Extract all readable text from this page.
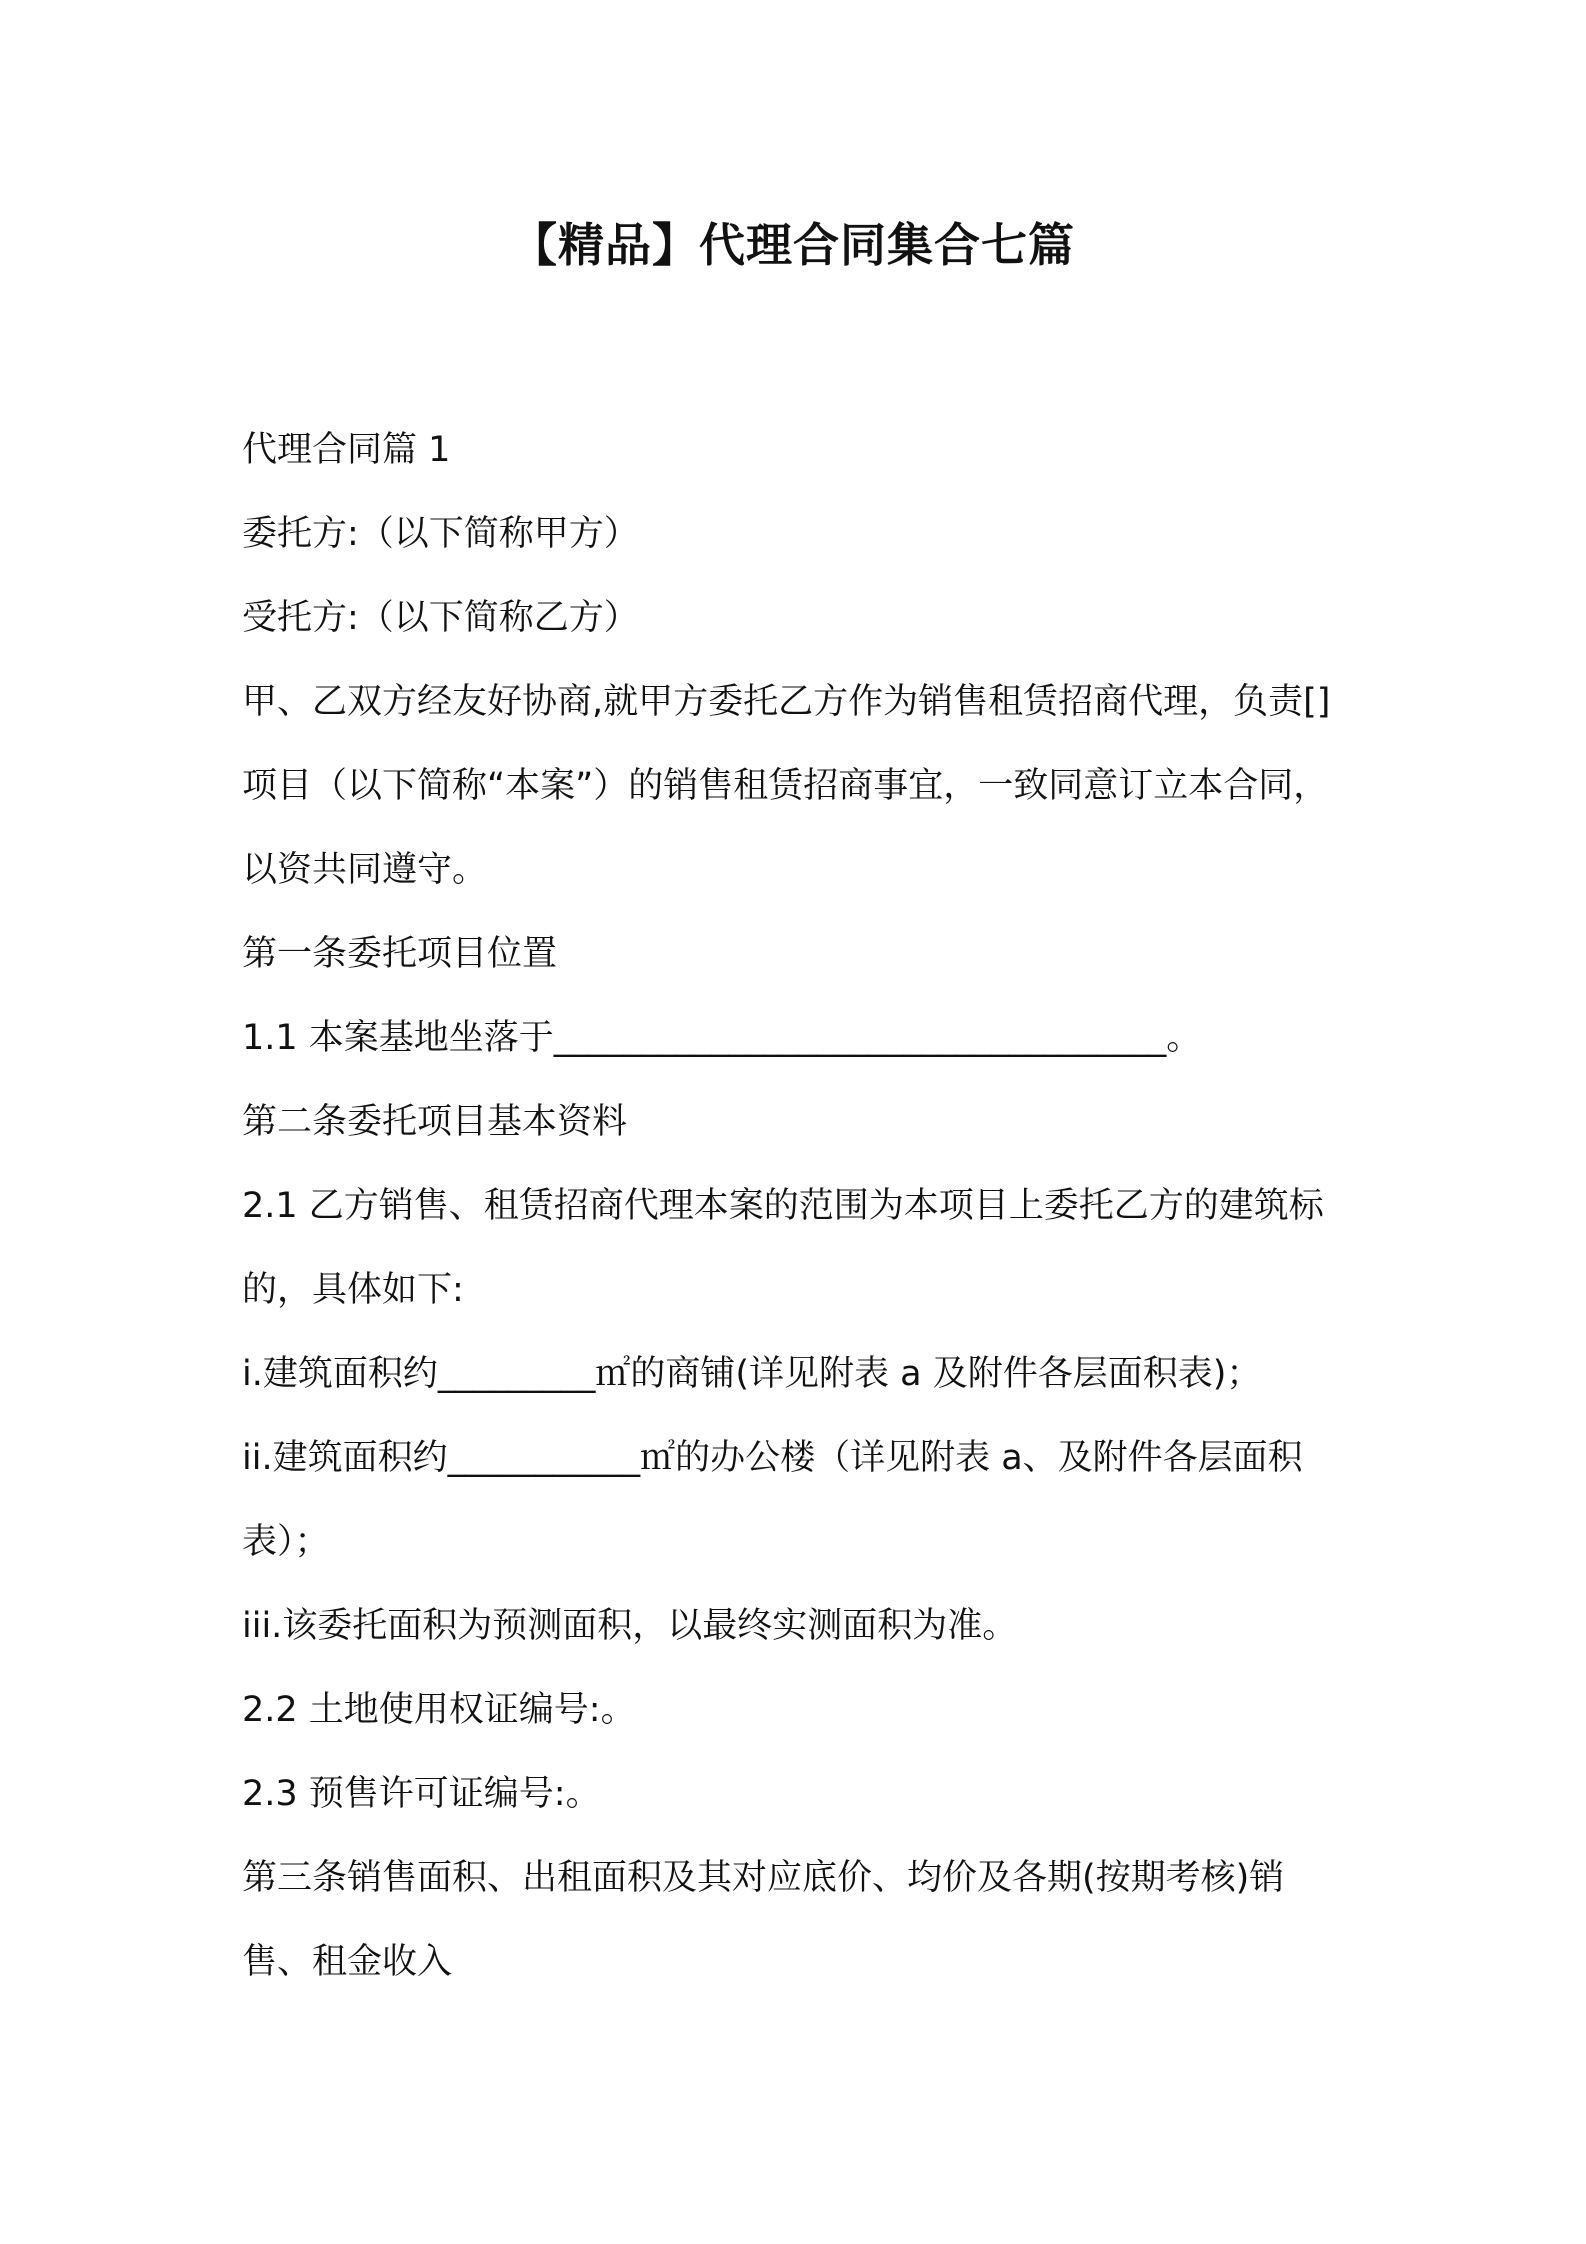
【精品】代理合同集合七篇

代理合同篇 1

委托方:（以下简称甲方）

受托方:（以下简称乙方）

甲、乙双方经友好协商,就甲方委托乙方作为销售租赁招商代理，负责[]项目（以下简称“本案”）的销售租赁招商事宜，一致同意订立本合同，以资共同遵守。

第一条委托项目位置

1.1 本案基地坐落于___________________________________。

第二条委托项目基本资料

2.1 乙方销售、租赁招商代理本案的范围为本项目上委托乙方的建筑标的，具体如下:

i.建筑面积约_________㎡的商铺(详见附表 a 及附件各层面积表)；

ii.建筑面积约___________㎡的办公楼（详见附表 a、及附件各层面积表）；

iii.该委托面积为预测面积，以最终实测面积为准。

2.2 土地使用权证编号:。

2.3 预售许可证编号:。

第三条销售面积、出租面积及其对应底价、均价及各期(按期考核)销售、租金收入
